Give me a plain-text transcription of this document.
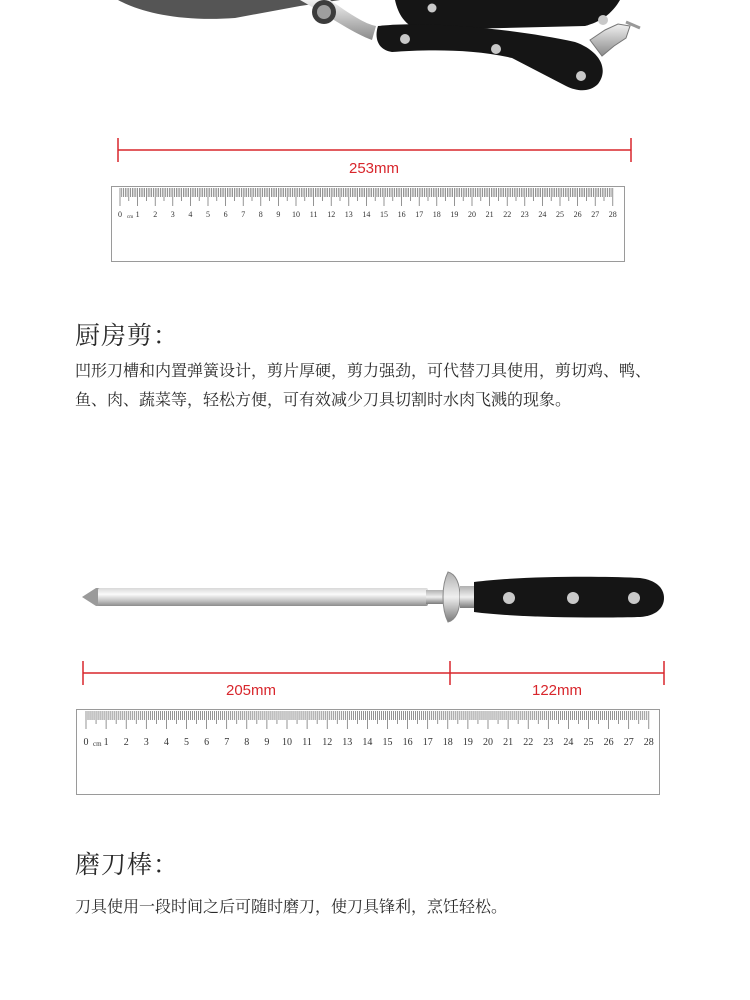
253mm
0 cm 1 2 3 4 5 6 7 8 9 10 11 12 13 14 15 16 17 18 19 20 21 22 23 24 25 26 27 28
厨房剪：
凹形刀槽和内置弹簧设计，剪片厚硬，剪力强劲，可代替刀具使用，剪切鸡、鸭、鱼、肉、蔬菜等，轻松方便，可有效减少刀具切割时水肉飞溅的现象。
205mm	122mm
0 cm 1 2 3 4 5 6 7 8 9 10 11 12 13 14 15 16 17 18 19 20 21 22 23 24 25 26 27 28
磨刀棒：
刀具使用一段时间之后可随时磨刀，使刀具锋利，烹饪轻松。
